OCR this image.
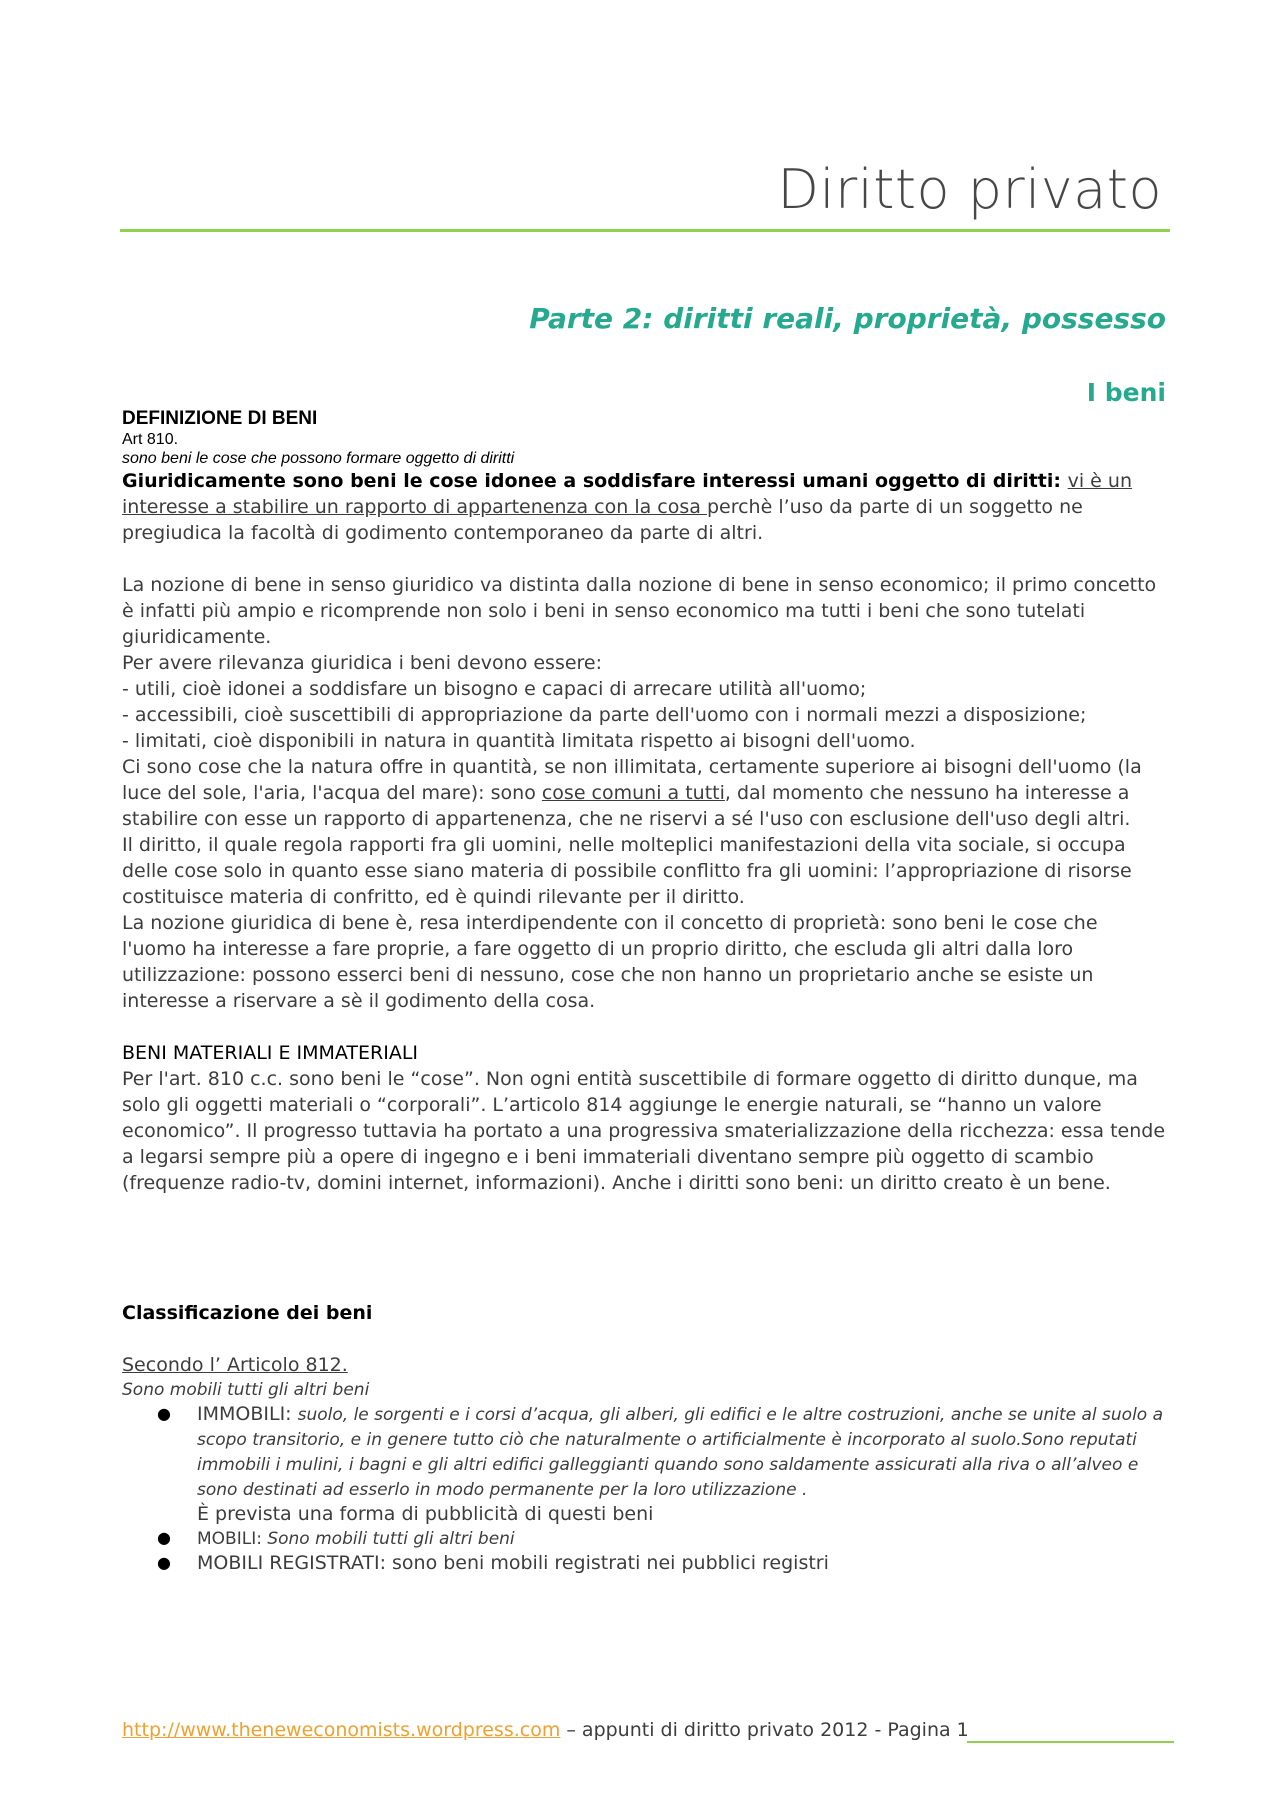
Diritto privato
Parte 2: diritti reali, proprietà, possesso
I beni
DEFINIZIONE DI BENI
Art 810.
sono beni le cose che possono formare oggetto di diritti

Giuridicamente sono beni le cose idonee a soddisfare interessi umani oggetto di diritti: vi è un interesse a stabilire un rapporto di appartenenza con la cosa perchè l’uso da parte di un soggetto ne pregiudica la facoltà di godimento contemporaneo da parte di altri.

La nozione di bene in senso giuridico va distinta dalla nozione di bene in senso economico; il primo concetto è infatti più ampio e ricomprende non solo i beni in senso economico ma tutti i beni che sono tutelati giuridicamente.

Per avere rilevanza giuridica i beni devono essere:

- utili, cioè idonei a soddisfare un bisogno e capaci di arrecare utilità all'uomo;

- accessibili, cioè suscettibili di appropriazione da parte dell'uomo con i normali mezzi a disposizione;

- limitati, cioè disponibili in natura in quantità limitata rispetto ai bisogni dell'uomo.

Ci sono cose che la natura offre in quantità, se non illimitata, certamente superiore ai bisogni dell'uomo (la luce del sole, l'aria, l'acqua del mare): sono cose comuni a tutti, dal momento che nessuno ha interesse a stabilire con esse un rapporto di appartenenza, che ne riservi a sé l'uso con esclusione dell'uso degli altri.

Il diritto, il quale regola rapporti fra gli uomini, nelle molteplici manifestazioni della vita sociale, si occupa delle cose solo in quanto esse siano materia di possibile conflitto fra gli uomini: l’appropriazione di risorse costituisce materia di confritto, ed è quindi rilevante per il diritto.

La nozione giuridica di bene è, resa interdipendente con il concetto di proprietà: sono beni le cose che l'uomo ha interesse a fare proprie, a fare oggetto di un proprio diritto, che escluda gli altri dalla loro utilizzazione: possono esserci beni di nessuno, cose che non hanno un proprietario anche se esiste un interesse a riservare a sè il godimento della cosa.

BENI MATERIALI E IMMATERIALI

Per l'art. 810 c.c. sono beni le “cose”. Non ogni entità suscettibile di formare oggetto di diritto dunque, ma solo gli oggetti materiali o “corporali”. L’articolo 814 aggiunge le energie naturali, se “hanno un valore economico”. Il progresso tuttavia ha portato a una progressiva smaterializzazione della ricchezza: essa tende a legarsi sempre più a opere di ingegno e i beni immateriali diventano sempre più oggetto di scambio (frequenze radio-tv, domini internet, informazioni). Anche i diritti sono beni: un diritto creato è un bene.

Classificazione dei beni
Secondo l’ Articolo 812.
Sono mobili tutti gli altri beni
● IMMOBILI: suolo, le sorgenti e i corsi d’acqua, gli alberi, gli edifici e le altre costruzioni, anche se unite al suolo a scopo transitorio, e in genere tutto ciò che naturalmente o artificialmente è incorporato al suolo.Sono reputati immobili i mulini, i bagni e gli altri edifici galleggianti quando sono saldamente assicurati alla riva o all’alveo e sono destinati ad esserlo in modo permanente per la loro utilizzazione .
È prevista una forma di pubblicità di questi beni
● MOBILI: Sono mobili tutti gli altri beni
● MOBILI REGISTRATI: sono beni mobili registrati nei pubblici registri
http://www.theneweconomists.wordpress.com – appunti di diritto privato 2012 - Pagina 1
